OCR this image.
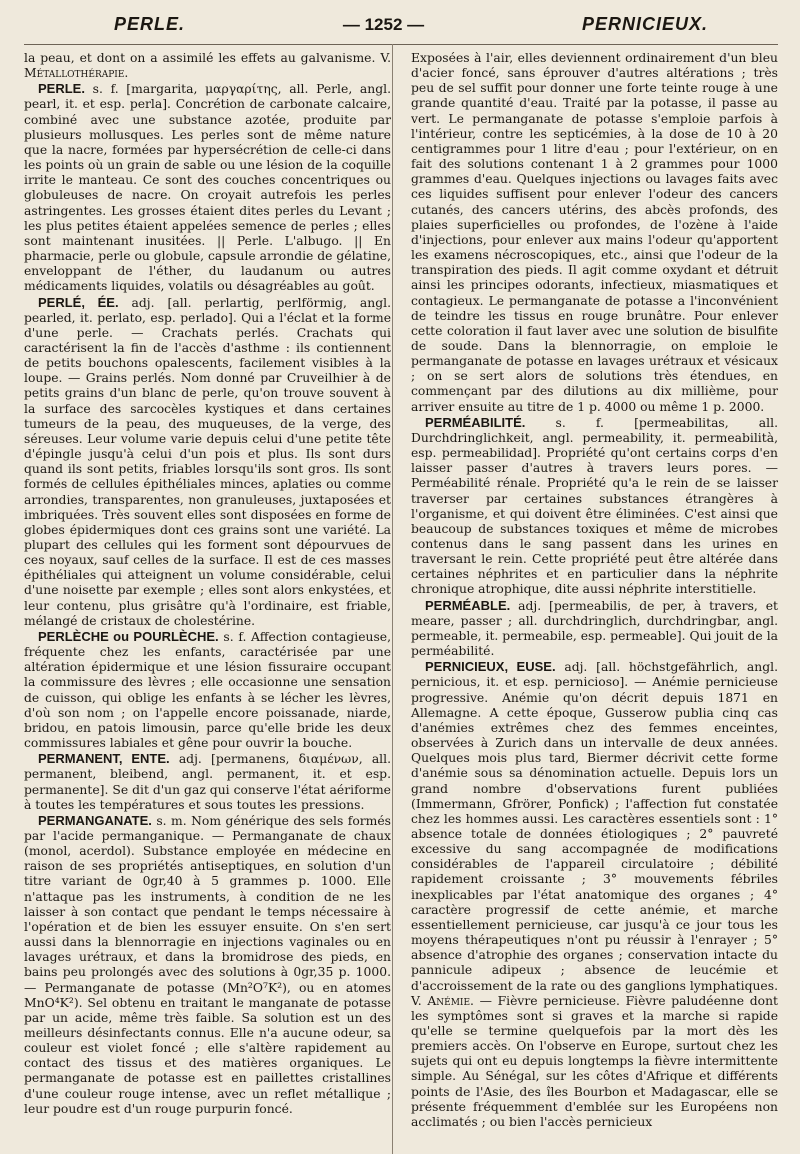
PERLE.	— 1252 —	PERNICIEUX.

la peau, et dont on a assimilé les effets au galvanisme. V. Métallothérapie.

PERLE. s. f. [margarita, μαργαρίτης, all. Perle, angl. pearl, it. et esp. perla]. Concrétion de carbonate calcaire, combiné avec une substance azotée, produite par plusieurs mollusques. Les perles sont de même nature que la nacre, formées par hypersécrétion de celle-ci dans les points où un grain de sable ou une lésion de la coquille irrite le manteau. Ce sont des couches concentriques ou globuleuses de nacre. On croyait autrefois les perles astringentes. Les grosses étaient dites perles du Levant ; les plus petites étaient appelées semence de perles ; elles sont maintenant inusitées. || Perle. L'albugo. || En pharmacie, perle ou globule, capsule arrondie de gélatine, enveloppant de l'éther, du laudanum ou autres médicaments liquides, volatils ou désagréables au goût.

PERLÉ, ÉE. adj. [all. perlartig, perlförmig, angl. pearled, it. perlato, esp. perlado]. Qui a l'éclat et la forme d'une perle. — Crachats perlés. Crachats qui caractérisent la fin de l'accès d'asthme : ils contiennent de petits bouchons opalescents, facilement visibles à la loupe. — Grains perlés. Nom donné par Cruveilhier à de petits grains d'un blanc de perle, qu'on trouve souvent à la surface des sarcocèles kystiques et dans certaines tumeurs de la peau, des muqueuses, de la verge, des séreuses. Leur volume varie depuis celui d'une petite tête d'épingle jusqu'à celui d'un pois et plus. Ils sont durs quand ils sont petits, friables lorsqu'ils sont gros. Ils sont formés de cellules épithéliales minces, aplaties ou comme arrondies, transparentes, non granuleuses, juxtaposées et imbriquées. Très souvent elles sont disposées en forme de globes épidermiques dont ces grains sont une variété. La plupart des cellules qui les forment sont dépourvues de ces noyaux, sauf celles de la surface. Il est de ces masses épithéliales qui atteignent un volume considérable, celui d'une noisette par exemple ; elles sont alors enkystées, et leur contenu, plus grisâtre qu'à l'ordinaire, est friable, mélangé de cristaux de cholestérine.

PERLÈCHE ou POURLÈCHE. s. f. Affection contagieuse, fréquente chez les enfants, caractérisée par une altération épidermique et une lésion fissuraire occupant la commissure des lèvres ; elle occasionne une sensation de cuisson, qui oblige les enfants à se lécher les lèvres, d'où son nom ; on l'appelle encore poissanade, niarde, bridou, en patois limousin, parce qu'elle bride les deux commissures labiales et gêne pour ouvrir la bouche.

PERMANENT, ENTE. adj. [permanens, διαμένων, all. permanent, bleibend, angl. permanent, it. et esp. permanente]. Se dit d'un gaz qui conserve l'état aériforme à toutes les températures et sous toutes les pressions.

PERMANGANATE. s. m. Nom générique des sels formés par l'acide permanganique. — Permanganate de chaux (monol, acerdol). Substance employée en médecine en raison de ses propriétés antiseptiques, en solution d'un titre variant de 0gr,40 à 5 grammes p. 1000. Elle n'attaque pas les instruments, à condition de ne les laisser à son contact que pendant le temps nécessaire à l'opération et de bien les essuyer ensuite. On s'en sert aussi dans la blennorragie en injections vaginales ou en lavages urétraux, et dans la bromidrose des pieds, en bains peu prolongés avec des solutions à 0gr,35 p. 1000. — Permanganate de potasse (Mn²O⁷K²), ou en atomes MnO⁴K²). Sel obtenu en traitant le manganate de potasse par un acide, même très faible. Sa solution est un des meilleurs désinfectants connus. Elle n'a aucune odeur, sa couleur est violet foncé ; elle s'altère rapidement au contact des tissus et des matières organiques. Le permanganate de potasse est en paillettes cristallines d'une couleur rouge intense, avec un reflet métallique ; leur poudre est d'un rouge purpurin foncé.

Exposées à l'air, elles deviennent ordinairement d'un bleu d'acier foncé, sans éprouver d'autres altérations ; très peu de sel suffit pour donner une forte teinte rouge à une grande quantité d'eau. Traité par la potasse, il passe au vert. Le permanganate de potasse s'emploie parfois à l'intérieur, contre les septicémies, à la dose de 10 à 20 centigrammes pour 1 litre d'eau ; pour l'extérieur, on en fait des solutions contenant 1 à 2 grammes pour 1000 grammes d'eau. Quelques injections ou lavages faits avec ces liquides suffisent pour enlever l'odeur des cancers cutanés, des cancers utérins, des abcès profonds, des plaies superficielles ou profondes, de l'ozène à l'aide d'injections, pour enlever aux mains l'odeur qu'apportent les examens nécroscopiques, etc., ainsi que l'odeur de la transpiration des pieds. Il agit comme oxydant et détruit ainsi les principes odorants, infectieux, miasmatiques et contagieux. Le permanganate de potasse a l'inconvénient de teindre les tissus en rouge brunâtre. Pour enlever cette coloration il faut laver avec une solution de bisulfite de soude. Dans la blennorragie, on emploie le permanganate de potasse en lavages urétraux et vésicaux ; on se sert alors de solutions très étendues, en commençant par des dilutions au dix millième, pour arriver ensuite au titre de 1 p. 4000 ou même 1 p. 2000.

PERMÉABILITÉ. s. f. [permeabilitas, all. Durchdringlichkeit, angl. permeability, it. permeabilità, esp. permeabilidad]. Propriété qu'ont certains corps d'en laisser passer d'autres à travers leurs pores. — Perméabilité rénale. Propriété qu'a le rein de se laisser traverser par certaines substances étrangères à l'organisme, et qui doivent être éliminées. C'est ainsi que beaucoup de substances toxiques et même de microbes contenus dans le sang passent dans les urines en traversant le rein. Cette propriété peut être altérée dans certaines néphrites et en particulier dans la néphrite chronique atrophique, dite aussi néphrite interstitielle.

PERMÉABLE. adj. [permeabilis, de per, à travers, et meare, passer ; all. durchdringlich, durchdringbar, angl. permeable, it. permeabile, esp. permeable]. Qui jouit de la perméabilité.

PERNICIEUX, EUSE. adj. [all. höchstgefährlich, angl. pernicious, it. et esp. pernicioso]. — Anémie pernicieuse progressive. Anémie qu'on décrit depuis 1871 en Allemagne. A cette époque, Gusserow publia cinq cas d'anémies extrêmes chez des femmes enceintes, observées à Zurich dans un intervalle de deux années. Quelques mois plus tard, Biermer décrivit cette forme d'anémie sous sa dénomination actuelle. Depuis lors un grand nombre d'observations furent publiées (Immermann, Gfrörer, Ponfick) ; l'affection fut constatée chez les hommes aussi. Les caractères essentiels sont : 1° absence totale de données étiologiques ; 2° pauvreté excessive du sang accompagnée de modifications considérables de l'appareil circulatoire ; débilité rapidement croissante ; 3° mouvements fébriles inexplicables par l'état anatomique des organes ; 4° caractère progressif de cette anémie, et marche essentiellement pernicieuse, car jusqu'à ce jour tous les moyens thérapeutiques n'ont pu réussir à l'enrayer ; 5° absence d'atrophie des organes ; conservation intacte du pannicule adipeux ; absence de leucémie et d'accroissement de la rate ou des ganglions lymphatiques. V. Anémie. — Fièvre pernicieuse. Fièvre paludéenne dont les symptômes sont si graves et la marche si rapide qu'elle se termine quelquefois par la mort dès les premiers accès. On l'observe en Europe, surtout chez les sujets qui ont eu depuis longtemps la fièvre intermittente simple. Au Sénégal, sur les côtes d'Afrique et différents points de l'Asie, des îles Bourbon et Madagascar, elle se présente fréquemment d'emblée sur les Européens non acclimatés ; ou bien l'accès pernicieux
